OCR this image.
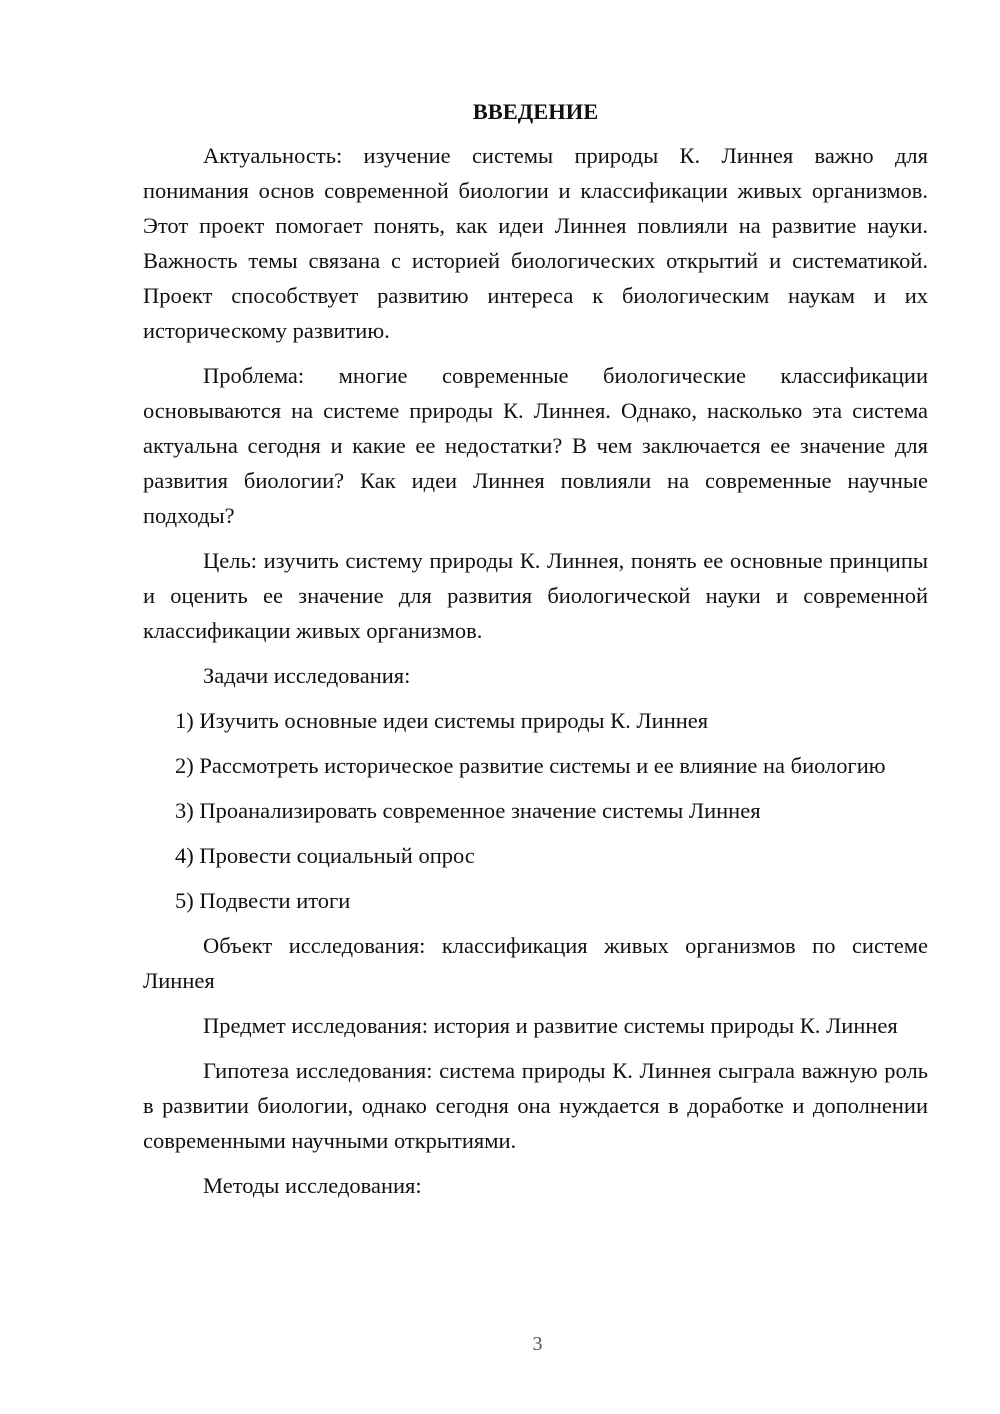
ВВЕДЕНИЕ

Актуальность: изучение системы природы К. Линнея важно для понимания основ современной биологии и классификации живых организмов. Этот проект помогает понять, как идеи Линнея повлияли на развитие науки. Важность темы связана с историей биологических открытий и систематикой. Проект способствует развитию интереса к биологическим наукам и их историческому развитию.

Проблема: многие современные биологические классификации основываются на системе природы К. Линнея. Однако, насколько эта система актуальна сегодня и какие ее недостатки? В чем заключается ее значение для развития биологии? Как идеи Линнея повлияли на современные научные подходы?

Цель: изучить систему природы К. Линнея, понять ее основные принципы и оценить ее значение для развития биологической науки и современной классификации живых организмов.

Задачи исследования:

1) Изучить основные идеи системы природы К. Линнея

2) Рассмотреть историческое развитие системы и ее влияние на биологию

3) Проанализировать современное значение системы Линнея

4) Провести социальный опрос

5) Подвести итоги

Объект исследования: классификация живых организмов по системе Линнея

Предмет исследования: история и развитие системы природы К. Линнея

Гипотеза исследования: система природы К. Линнея сыграла важную роль в развитии биологии, однако сегодня она нуждается в доработке и дополнении современными научными открытиями.

Методы исследования:

3
